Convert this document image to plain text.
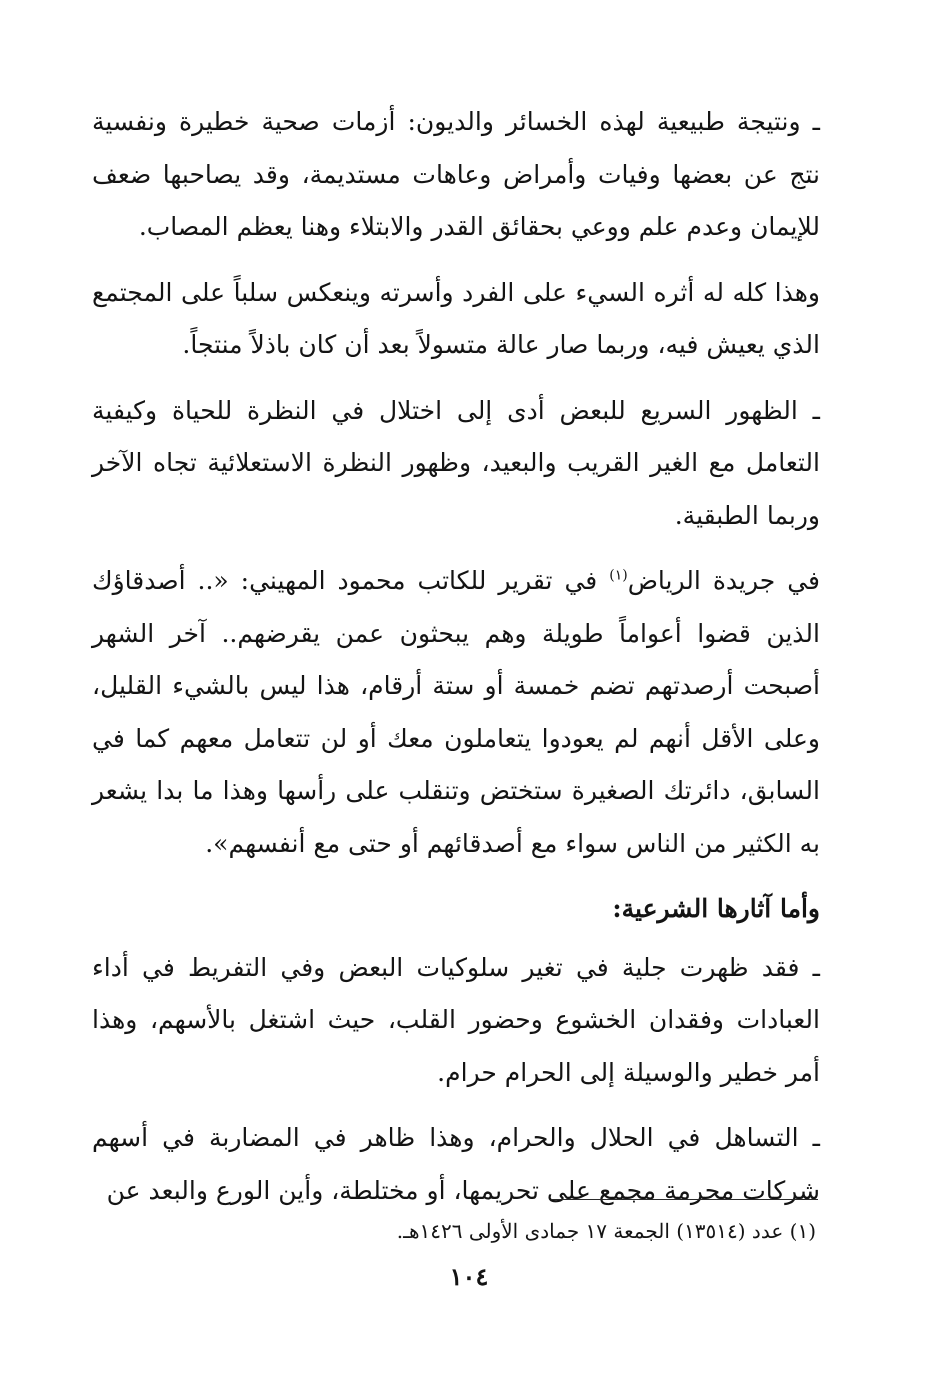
ـ ونتيجة طبيعية لهذه الخسائر والديون: أزمات صحية خطيرة ونفسية نتج عن بعضها وفيات وأمراض وعاهات مستديمة، وقد يصاحبها ضعف للإيمان وعدم علم ووعي بحقائق القدر والابتلاء وهنا يعظم المصاب.

وهذا كله له أثره السيء على الفرد وأسرته وينعكس سلباً على المجتمع الذي يعيش فيه، وربما صار عالة متسولاً بعد أن كان باذلاً منتجاً.

ـ الظهور السريع للبعض أدى إلى اختلال في النظرة للحياة وكيفية التعامل مع الغير القريب والبعيد، وظهور النظرة الاستعلائية تجاه الآخر وربما الطبقية.

في جريدة الرياض$^{(١)}$ في تقرير للكاتب محمود المهيني: «.. أصدقاؤك الذين قضوا أعواماً طويلة وهم يبحثون عمن يقرضهم.. آخر الشهر أصبحت أرصدتهم تضم خمسة أو ستة أرقام، هذا ليس بالشيء القليل، وعلى الأقل أنهم لم يعودوا يتعاملون معك أو لن تتعامل معهم كما في السابق، دائرتك الصغيرة ستختض وتنقلب على رأسها وهذا ما بدا يشعر به الكثير من الناس سواء مع أصدقائهم أو حتى مع أنفسهم».

وأما آثارها الشرعية:

ـ فقد ظهرت جلية في تغير سلوكيات البعض وفي التفريط في أداء العبادات وفقدان الخشوع وحضور القلب، حيث اشتغل بالأسهم، وهذا أمر خطير والوسيلة إلى الحرام حرام.

ـ التساهل في الحلال والحرام، وهذا ظاهر في المضاربة في أسهم شركات محرمة مجمع على تحريمها، أو مختلطة، وأين الورع والبعد عن

(١) عدد (١٣٥١٤) الجمعة ١٧ جمادى الأولى ١٤٢٦هـ.
١٠٤
